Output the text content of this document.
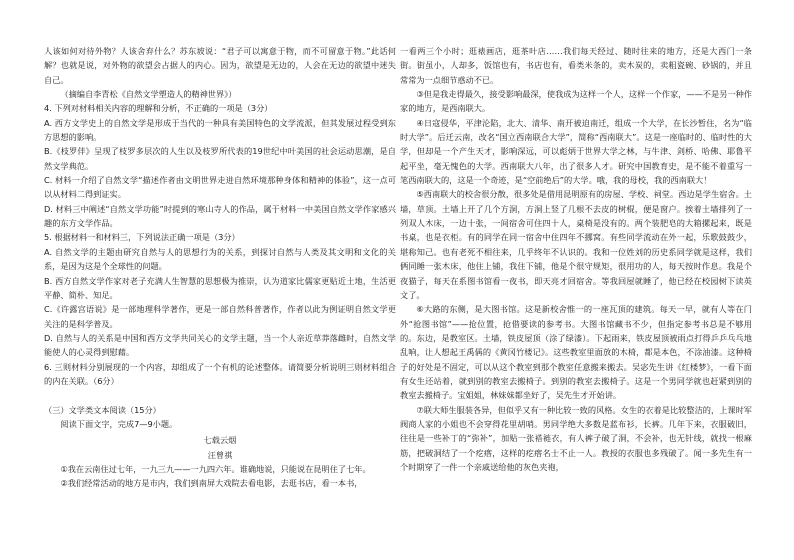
人该如何对待外物？人该舍弃什么？苏东坡说：“君子可以寓意于物，而不可留意于物。”此话何解？也就是说，对外物的欲望会占据人的内心。因为，欲望是无边的，人会在无边的欲望中迷失自己。

（摘编自李青松《自然文学塑造人的精神世界》）

4. 下列对材料相关内容的理解和分析，不正确的一项是（3分）

A. 西方文学史上的自然文学是形成于当代的一种具有美国特色的文学流派，但其发展过程受到东方思想的影响。

B.《枝罗伴》呈现了枝罗多层次的人生以及枝罗所代表的19世纪中叶美国的社会运动思潮，是自然文学典范。

C. 材料一介绍了自然文学“描述作者由文明世界走进自然环境那种身体和精神的体验”，这一点可以从材料二得到证实。

D. 材料三中阐述“自然文学功能”时提到的寒山寺人的作品，属于材料一中美国自然文学作家感兴趣的东方文学作品。

5. 根据材料一和材料三，下列说法正确一项是（3分）

A. 自然文学的主题由研究自然与人的思想行为的关系，到探讨自然与人类及其文明和文化的关系，是因为这是个全球性的问题。

B. 西方自然文学作家对老子充满人生智慧的思想极为推崇，认为道家比儒家更贴近土地，生活更平静、简朴、知足。

C.《许露宫语说》是一部地理科学著作，更是一部自然科普著作，作者以此为例证明自然文学更关注的是科学普及。

D. 自然与人的关系是中国和西方文学共同关心的文学主题，当一个人亲近草莽落雌时，自然文学能使人的心灵得到慰藉。

6. 三则材料分别展现的一个内容，却组成了一个有机的论述整体。请简要分析说明三则材料组合的内在关联。（6分）

（三）文学类文本阅读（15分）

阅读下面文字，完成7—9小题。

七载云烟

汪曾祺

①我在云南住过七年，一九三九——一九四六年。谁确地说，只能说在昆明住了七年。

②我们经常活动的地方是市内，我们到南屏大戏院去看电影，去逛书店，看一本书，

一看两三个小时；逛裱画店，逛茶叶店……我们每天经过、随时往来的地方，还是大西门一条街。街虽小，人却多，饭馆也有，书店也有，看类米条的，卖木炭的，卖粗瓷碗、砂锅的，并且常常为一点细节惑动不已。

③但是我走得最久，接受影响最深，使我成为这样一个人，这样一个作家，——不是另一种作家的地方，是西南联大。

④日寇侵华，平津沦陷，北大、清华、南开被迫南迁，组成一个大学，在长沙暂住，名为“临时大学”。后迁云南，改名“国立西南联合大学”，简称“西南联大”。这是一座临时的、临时性的大学，但却是一个产生天才，影响深远，可以彪炳于世界大学之林，与牛津、剑桥、哈佛、耶鲁平起平坐，毫无愧色的大学。西南联大八年，出了很多人才。研究中国教育史，是不能不着重写一笔西南联大的，这是一个奇迹，是“空前绝后”的大学。哦，我的母校，我的西南联大！

⑤西南联大的校舍很分散，很多处是借用昆明原有的房屋、学校、祠堂。西边是学生宿舍。土墙，草顶。土墙上开了几个方洞，方洞上竖了几根不去皮的树棍，便是窗户。挨着土墙排列了一列双人木床，一边十张，一间宿舍可住四十人，桌椅是没有的。两个装肥皂的大箱摞起来，既是书桌，也是衣柜。有的同学在同一宿舍中住四年不挪窝。有些同学流动在外一起，乐歌鼓鼓少，堪称知己。也有老死不相往来，几乎终年不认识的。我和一位姓刘的历史系同学就是这样，我们俩同睡一张木床，他住上铺，我住下铺，他是个很守规矩，很用功的人，每天按时作息。我是个夜猫子，每天在系图书馆看一夜书，即天亮才回宿舍。等我回屋就睡了，他已经在校园树下读英文了。

⑥大路的东侧，是大图书馆。这是新校舍惟一的一座瓦顶的建筑。每天一早，就有人等在门外“抢图书馆”——抢位置，抢借要读的参考书。大图书馆藏书不少，但指定参考书总是不够用的。东边，是教室区。土墙，铁皮屋顶（涂了绿漆）。下起雨来，铁皮屋顶被雨点打得乒乒乓乓地乱响，让人想起王禹偁的《黄冈竹楼记》。这些教室里面放的木椅，都是本色，不涂油漆。这种椅子的好处是不固定，可以从这个教室到那个教室任意搬来搬去。吴宓先生讲《红楼梦》，一看下面有女生还站着，就到别的教室去搬椅子。到别的教室去搬椅子。这是一个男同学就也赶紧到别的教室去搬椅子。宝姐姐，林妹妹都坐好了，吴先生才开始讲。

⑦联大师生服装各异，但似乎又有一种比较一致的风格。女生的衣着是比较整洁的，上课时军阀商人家的小姐也不会穿得花里胡哨。男同学绝大多数是蓝布衫，长裤。几年下来，衣服破旧，往往是一些补丁的“弥补”，加贴一张褡裢衣，有人裤子破了洞，不会补，也无针线，就找一根麻筋，把破洞结了一个疙瘩，这样的疙瘩名士不止一人。教授的衣服也多残破了。闻一多先生有一个时期穿了一件一个亲戚送给他的灰色夹袍，
